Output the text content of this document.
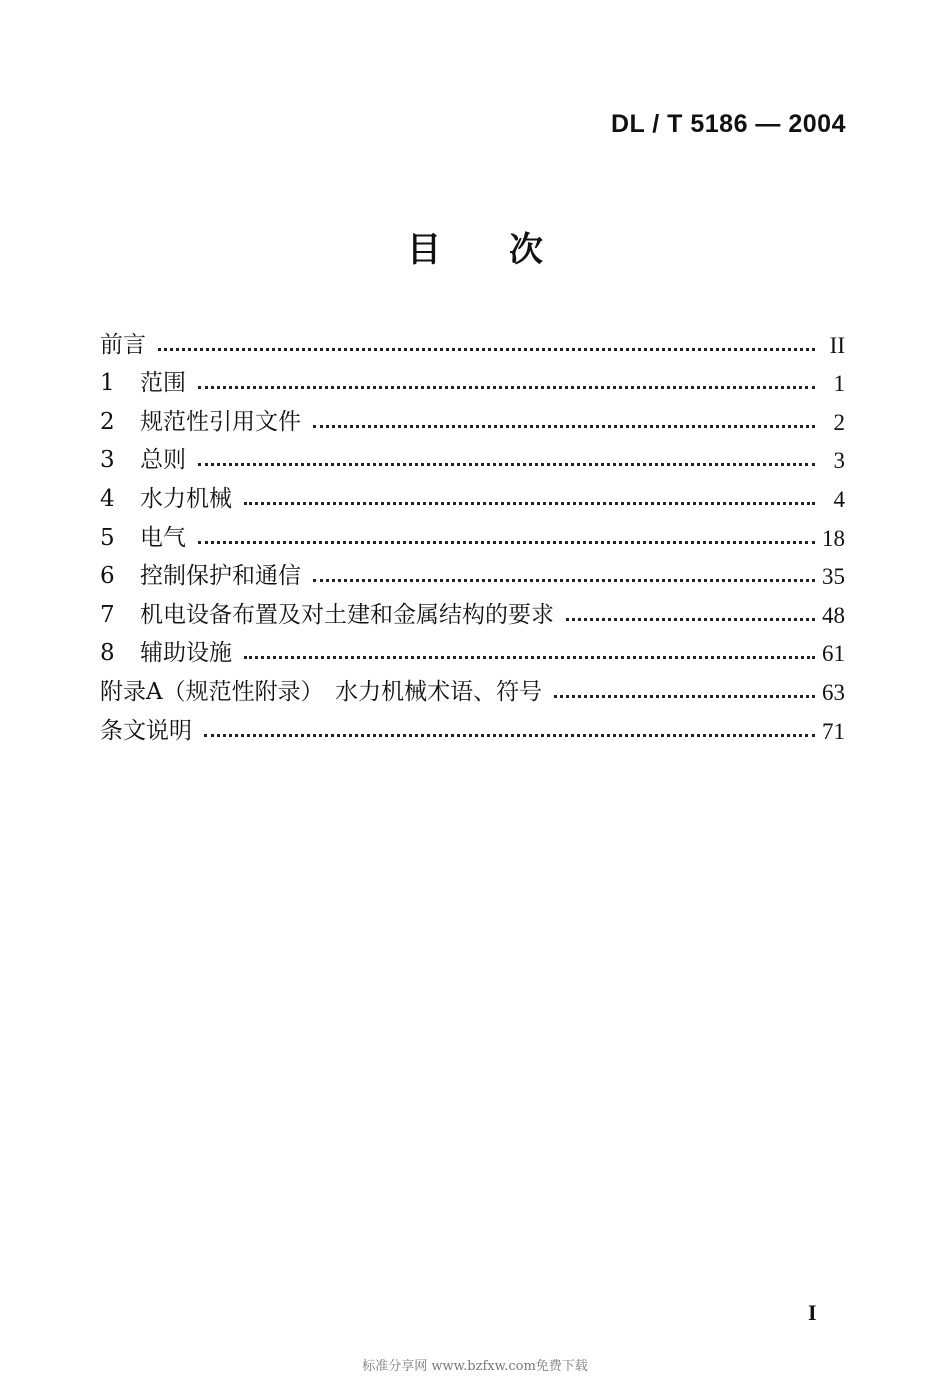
DL / T 5186 — 2004
目 次
前言	II
1	范围	1
2	规范性引用文件	2
3	总则	3
4	水力机械	4
5	电气	18
6	控制保护和通信	35
7	机电设备布置及对土建和金属结构的要求	48
8	辅助设施	61
附录A（规范性附录）　水力机械术语、符号	63
条文说明	71
I
标准分享网 www.bzfxw.com免费下载
